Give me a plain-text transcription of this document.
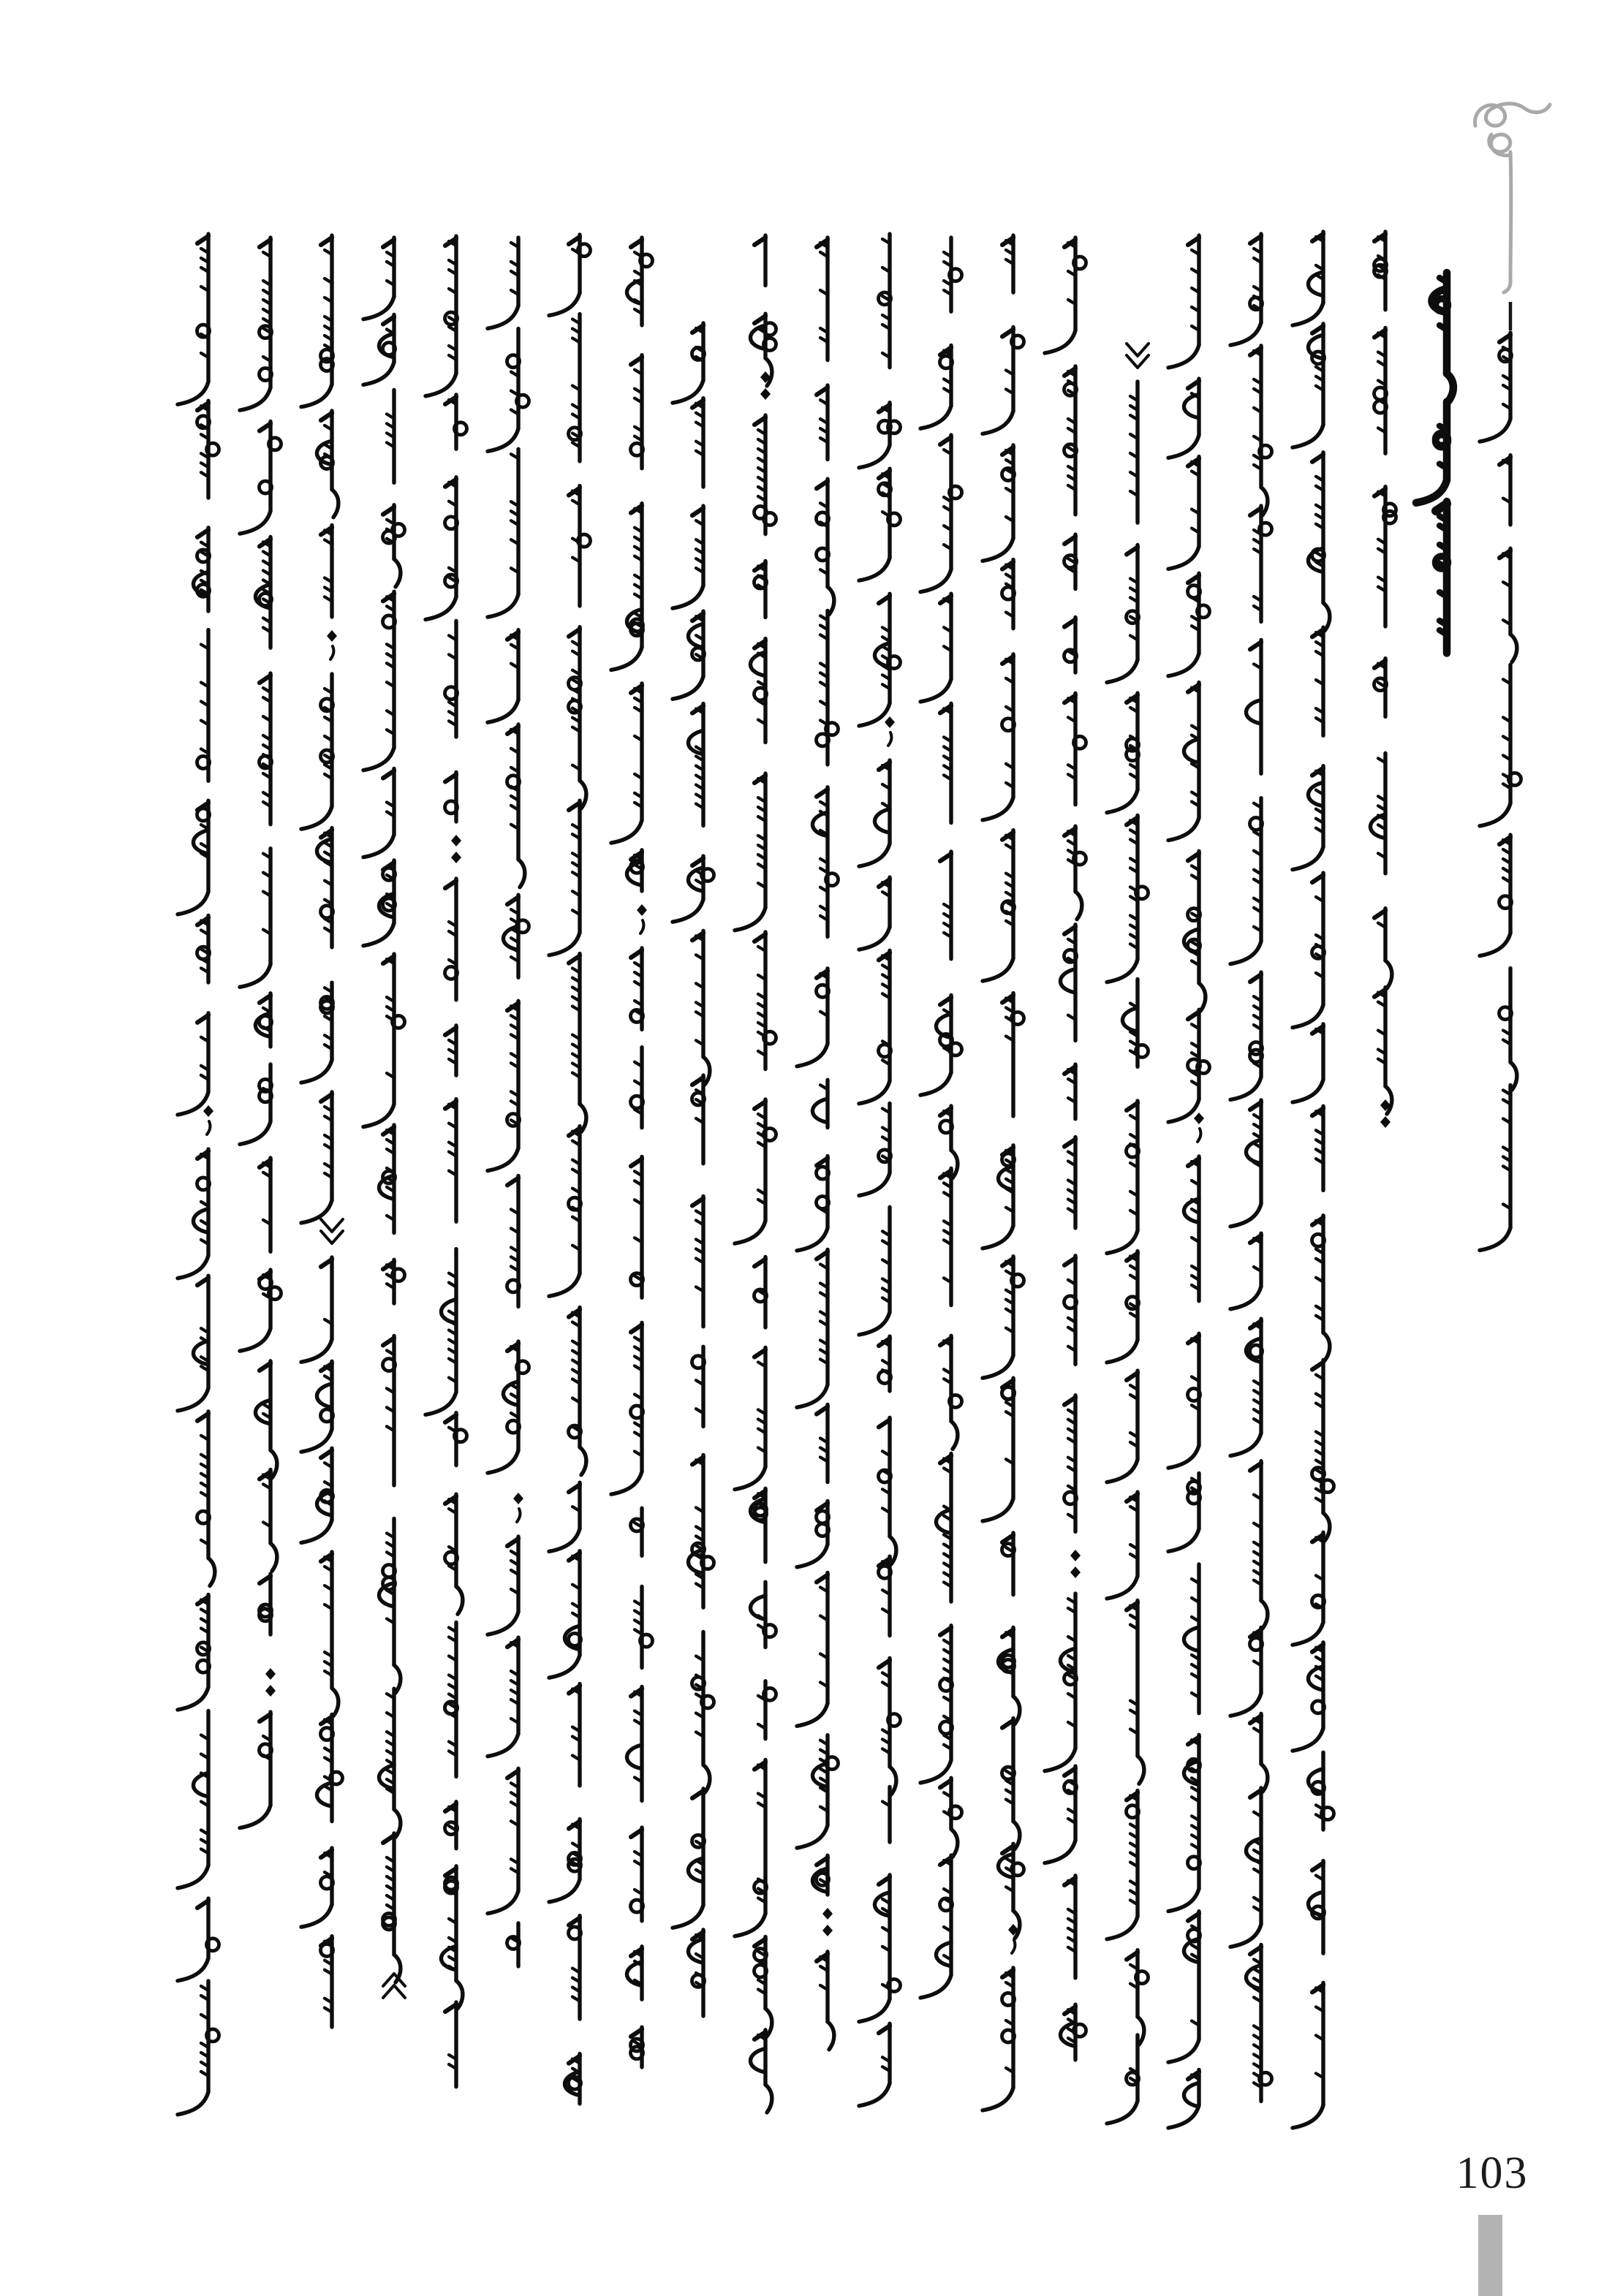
103
